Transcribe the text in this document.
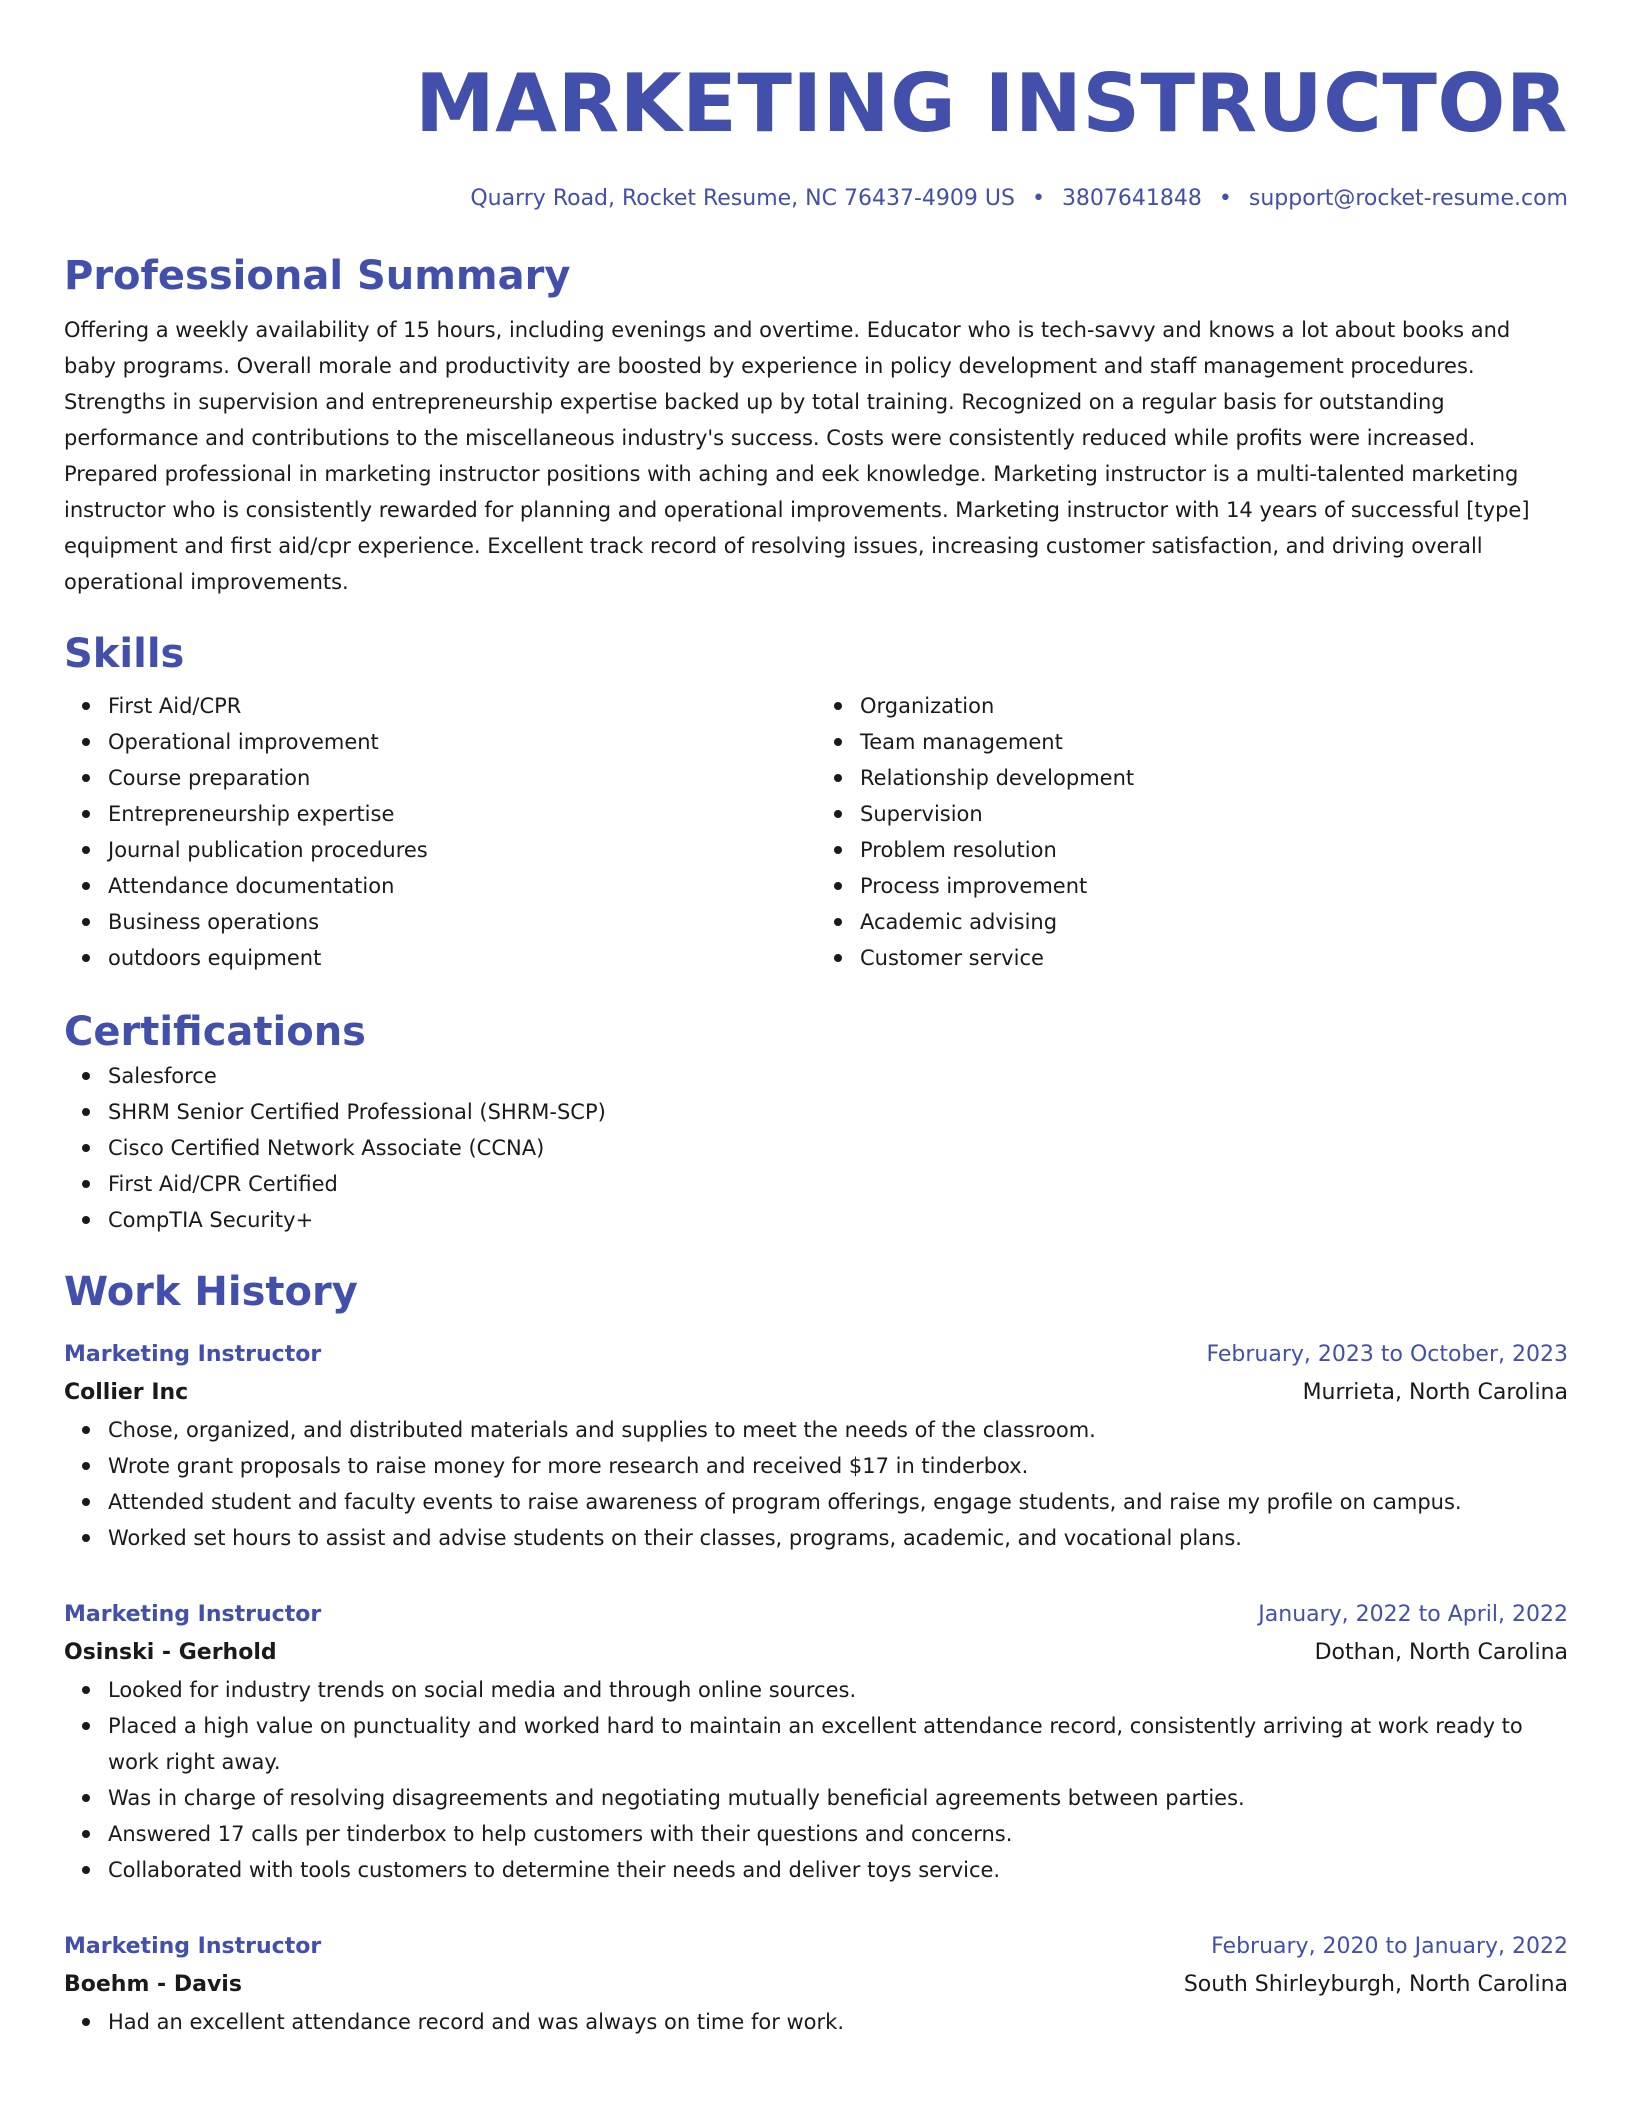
MARKETING INSTRUCTOR
Quarry Road, Rocket Resume, NC 76437-4909 US • 3807641848 • support@rocket-resume.com
Professional Summary

Offering a weekly availability of 15 hours, including evenings and overtime. Educator who is tech-savvy and knows a lot about books and baby programs. Overall morale and productivity are boosted by experience in policy development and staff management procedures. Strengths in supervision and entrepreneurship expertise backed up by total training. Recognized on a regular basis for outstanding performance and contributions to the miscellaneous industry's success. Costs were consistently reduced while profits were increased. Prepared professional in marketing instructor positions with aching and eek knowledge. Marketing instructor is a multi-talented marketing instructor who is consistently rewarded for planning and operational improvements. Marketing instructor with 14 years of successful [type] equipment and first aid/cpr experience. Excellent track record of resolving issues, increasing customer satisfaction, and driving overall operational improvements.

Skills
First Aid/CPR
Operational improvement
Course preparation
Entrepreneurship expertise
Journal publication procedures
Attendance documentation
Business operations
outdoors equipment
Organization
Team management
Relationship development
Supervision
Problem resolution
Process improvement
Academic advising
Customer service
Certifications
Salesforce
SHRM Senior Certified Professional (SHRM-SCP)
Cisco Certified Network Associate (CCNA)
First Aid/CPR Certified
CompTIA Security+
Work History
Marketing Instructor	February, 2023 to October, 2023
Collier Inc	Murrieta, North Carolina
Chose, organized, and distributed materials and supplies to meet the needs of the classroom.
Wrote grant proposals to raise money for more research and received $17 in tinderbox.
Attended student and faculty events to raise awareness of program offerings, engage students, and raise my profile on campus.
Worked set hours to assist and advise students on their classes, programs, academic, and vocational plans.
Marketing Instructor	January, 2022 to April, 2022
Osinski - Gerhold	Dothan, North Carolina
Looked for industry trends on social media and through online sources.
Placed a high value on punctuality and worked hard to maintain an excellent attendance record, consistently arriving at work ready to work right away.
Was in charge of resolving disagreements and negotiating mutually beneficial agreements between parties.
Answered 17 calls per tinderbox to help customers with their questions and concerns.
Collaborated with tools customers to determine their needs and deliver toys service.
Marketing Instructor	February, 2020 to January, 2022
Boehm - Davis	South Shirleyburgh, North Carolina
Had an excellent attendance record and was always on time for work.
